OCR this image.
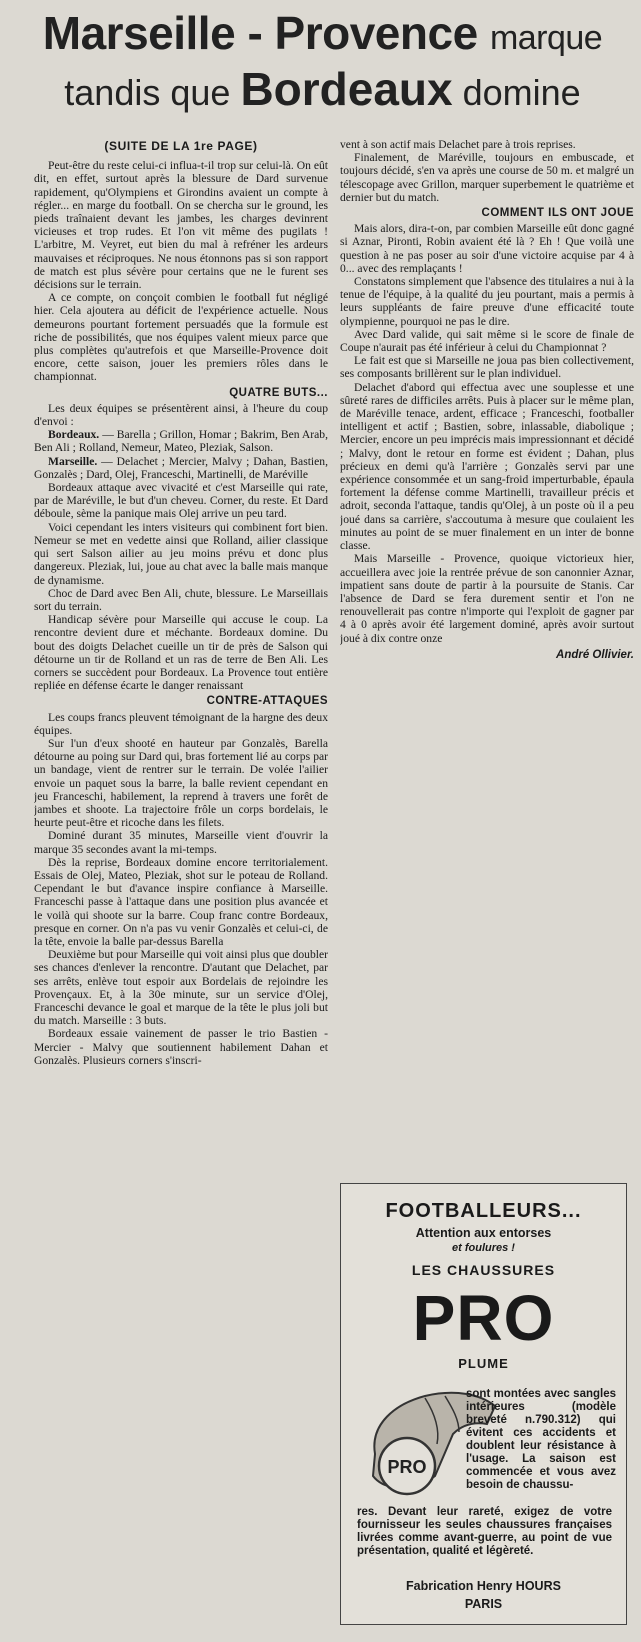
Marseille - Provence marque
tandis que Bordeaux domine
(SUITE DE LA 1re PAGE)

Peut-être du reste celui-ci influa-t-il trop sur celui-là. On eût dit, en effet, surtout après la blessure de Dard survenue rapidement, qu'Olympiens et Girondins avaient un compte à régler... en marge du football. On se chercha sur le ground, les pieds traînaient devant les jambes, les charges devinrent vicieuses et trop rudes. Et l'on vit même des pugilats ! L'arbitre, M. Veyret, eut bien du mal à refréner les ardeurs mauvaises et réciproques. Ne nous étonnons pas si son rapport de match est plus sévère pour certains que ne le furent ses décisions sur le terrain.

A ce compte, on conçoit combien le football fut négligé hier. Cela ajoutera au déficit de l'expérience actuelle. Nous demeurons pourtant fortement persuadés que la formule est riche de possibilités, que nos équipes valent mieux parce que plus complètes qu'autrefois et que Marseille-Provence doit encore, cette saison, jouer les premiers rôles dans le championnat.

QUATRE BUTS...

Les deux équipes se présentèrent ainsi, à l'heure du coup d'envoi :

Bordeaux. — Barella ; Grillon, Homar ; Bakrim, Ben Arab, Ben Ali ; Rolland, Nemeur, Mateo, Pleziak, Salson.

Marseille. — Delachet ; Mercier, Malvy ; Dahan, Bastien, Gonzalès ; Dard, Olej, Franceschi, Martinelli, de Maréville

Bordeaux attaque avec vivacité et c'est Marseille qui rate, par de Maréville, le but d'un cheveu. Corner, du reste. Et Dard déboule, sème la panique mais Olej arrive un peu tard.

Voici cependant les inters visiteurs qui combinent fort bien. Nemeur se met en vedette ainsi que Rolland, ailier classique qui sert Salson ailier au jeu moins prévu et donc plus dangereux. Pleziak, lui, joue au chat avec la balle mais manque de dynamisme.

Choc de Dard avec Ben Ali, chute, blessure. Le Marseillais sort du terrain.

Handicap sévère pour Marseille qui accuse le coup. La rencontre devient dure et méchante. Bordeaux domine. Du bout des doigts Delachet cueille un tir de près de Salson qui détourne un tir de Rolland et un ras de terre de Ben Ali. Les corners se succèdent pour Bordeaux. La Provence tout entière repliée en défense écarte le danger renaissant

CONTRE-ATTAQUES

Les coups francs pleuvent témoignant de la hargne des deux équipes.

Sur l'un d'eux shooté en hauteur par Gonzalès, Barella détourne au poing sur Dard qui, bras fortement lié au corps par un bandage, vient de rentrer sur le terrain. De volée l'ailier envoie un paquet sous la barre, la balle revient cependant en jeu Franceschi, habilement, la reprend à travers une forêt de jambes et shoote. La trajectoire frôle un corps bordelais, le heurte peut-être et ricoche dans les filets.

Dominé durant 35 minutes, Marseille vient d'ouvrir la marque 35 secondes avant la mi-temps.

Dès la reprise, Bordeaux domine encore territorialement. Essais de Olej, Mateo, Pleziak, shot sur le poteau de Rolland. Cependant le but d'avance inspire confiance à Marseille. Franceschi passe à l'attaque dans une position plus avancée et le voilà qui shoote sur la barre. Coup franc contre Bordeaux, presque en corner. On n'a pas vu venir Gonzalès et celui-ci, de la tête, envoie la balle par-dessus Barella

Deuxième but pour Marseille qui voit ainsi plus que doubler ses chances d'enlever la rencontre. D'autant que Delachet, par ses arrêts, enlève tout espoir aux Bordelais de rejoindre les Provençaux. Et, à la 30e minute, sur un service d'Olej, Franceschi devance le goal et marque de la tête le plus joli but du match. Marseille : 3 buts.

Bordeaux essaie vainement de passer le trio Bastien - Mercier - Malvy que soutiennent habilement Dahan et Gonzalès. Plusieurs corners s'inscri-

vent à son actif mais Delachet pare à trois reprises.

Finalement, de Maréville, toujours en embuscade, et toujours décidé, s'en va après une course de 50 m. et malgré un télescopage avec Grillon, marquer superbement le quatrième et dernier but du match.

COMMENT ILS ONT JOUE

Mais alors, dira-t-on, par combien Marseille eût donc gagné si Aznar, Pironti, Robin avaient été là ? Eh ! Que voilà une question à ne pas poser au soir d'une victoire acquise par 4 à 0... avec des remplaçants !

Constatons simplement que l'absence des titulaires a nui à la tenue de l'équipe, à la qualité du jeu pourtant, mais a permis à leurs suppléants de faire preuve d'une efficacité toute olympienne, pourquoi ne pas le dire.

Avec Dard valide, qui sait même si le score de finale de Coupe n'aurait pas été inférieur à celui du Championnat ?

Le fait est que si Marseille ne joua pas bien collectivement, ses composants brillèrent sur le plan individuel.

Delachet d'abord qui effectua avec une souplesse et une sûreté rares de difficiles arrêts. Puis à placer sur le même plan, de Maréville tenace, ardent, efficace ; Franceschi, footballer intelligent et actif ; Bastien, sobre, inlassable, diabolique ; Mercier, encore un peu imprécis mais impressionnant et décidé ; Malvy, dont le retour en forme est évident ; Dahan, plus précieux en demi qu'à l'arrière ; Gonzalès servi par une expérience consommée et un sang-froid imperturbable, épaula fortement la défense comme Martinelli, travailleur précis et adroit, seconda l'attaque, tandis qu'Olej, à un poste où il a peu joué dans sa carrière, s'accoutuma à mesure que coulaient les minutes au point de se muer finalement en un inter de bonne classe.

Mais Marseille - Provence, quoique victorieux hier, accueillera avec joie la rentrée prévue de son canonnier Aznar, impatient sans doute de partir à la poursuite de Stanis. Car l'absence de Dard se fera durement sentir et l'on ne renouvellerait pas contre n'importe qui l'exploit de gagner par 4 à 0 après avoir été largement dominé, après avoir surtout joué à dix contre onze

André Ollivier.
FOOTBALLEURS...
Attention aux entorses
et foulures !
LES CHAUSSURES
PRO
PLUME
PRO
sont montées avec sangles intérieures (modèle breveté n.790.312) qui évitent ces accidents et doublent leur résistance à l'usage. La saison est commencée et vous avez besoin de chaussu-
res. Devant leur rareté, exigez de votre fournisseur les seules chaussures françaises livrées comme avant-guerre, au point de vue présentation, qualité et légèreté.
Fabrication Henry HOURS
PARIS
